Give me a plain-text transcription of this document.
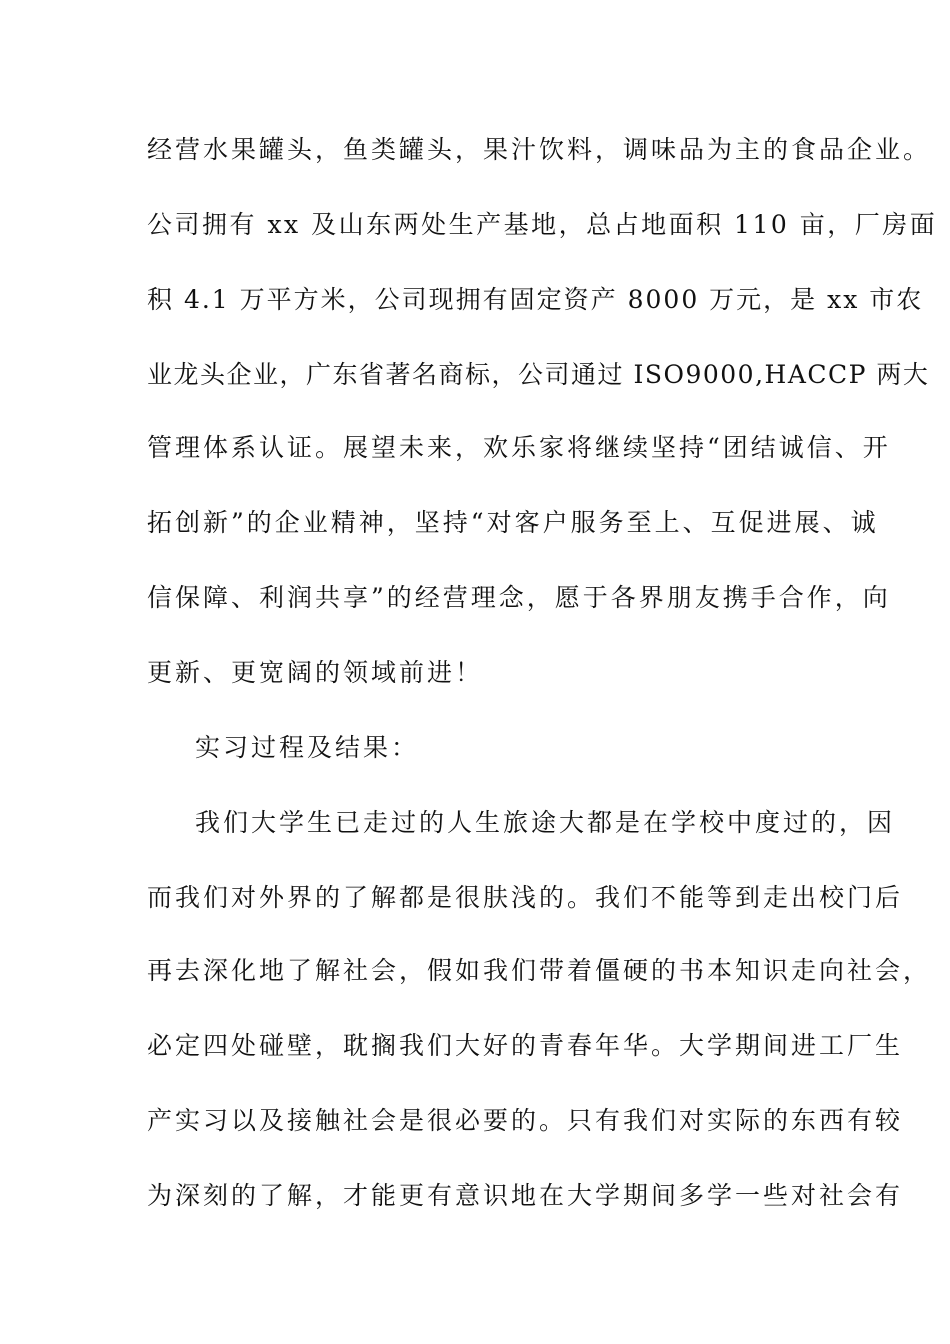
经营水果罐头，鱼类罐头，果汁饮料，调味品为主的食品企业。
公司拥有 xx 及山东两处生产基地，总占地面积 110 亩，厂房面
积 4.1 万平方米，公司现拥有固定资产 8000 万元，是 xx 市农
业龙头企业，广东省著名商标，公司通过 ISO9000,HACCP 两大
管理体系认证。展望未来，欢乐家将继续坚持“团结诚信、开
拓创新”的企业精神，坚持“对客户服务至上、互促进展、诚
信保障、利润共享”的经营理念，愿于各界朋友携手合作，向
更新、更宽阔的领域前进！
实习过程及结果：
我们大学生已走过的人生旅途大都是在学校中度过的，因
而我们对外界的了解都是很肤浅的。我们不能等到走出校门后
再去深化地了解社会，假如我们带着僵硬的书本知识走向社会，
必定四处碰壁，耽搁我们大好的青春年华。大学期间进工厂生
产实习以及接触社会是很必要的。只有我们对实际的东西有较
为深刻的了解，才能更有意识地在大学期间多学一些对社会有
